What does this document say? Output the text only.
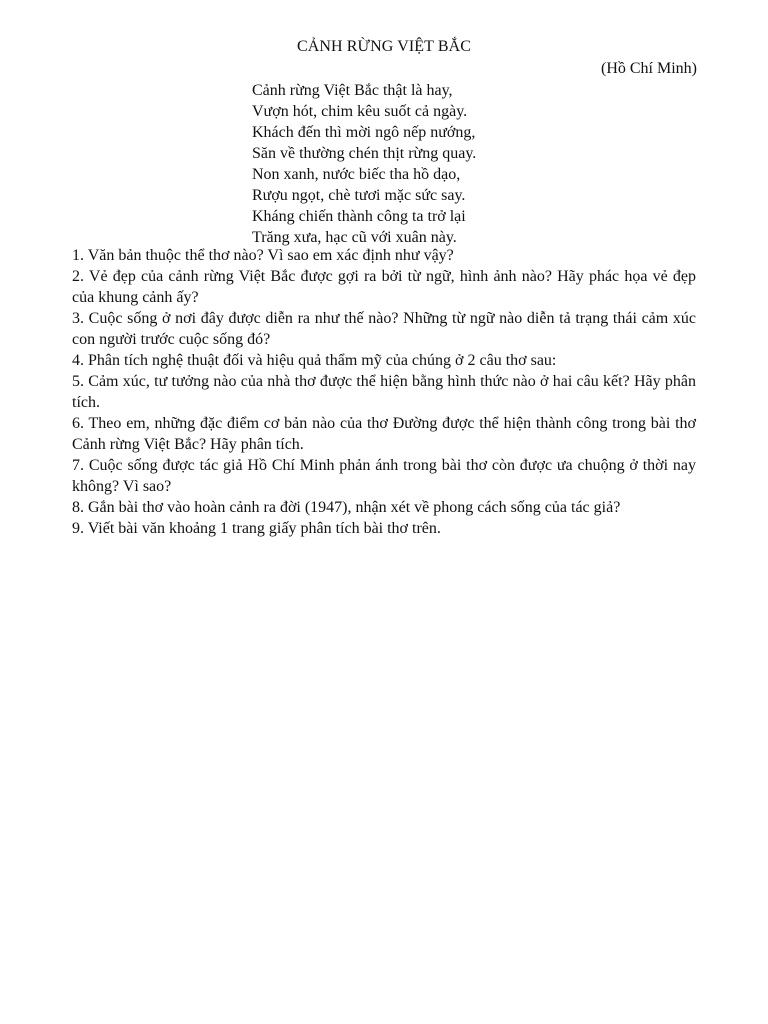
CẢNH RỪNG VIỆT BẮC
(Hồ Chí Minh)
Cảnh rừng Việt Bắc thật là hay,
Vượn hót, chim kêu suốt cả ngày.
Khách đến thì mời ngô nếp nướng,
Săn về thường chén thịt rừng quay.
Non xanh, nước biếc tha hồ dạo,
Rượu ngọt, chè tươi mặc sức say.
Kháng chiến thành công ta trở lại
Trăng xưa, hạc cũ với xuân này.
1. Văn bản thuộc thể thơ nào? Vì sao em xác định như vậy?
2. Vẻ đẹp của cảnh rừng Việt Bắc được gợi ra bởi từ ngữ, hình ảnh nào? Hãy phác họa vẻ đẹp của khung cảnh ấy?
3. Cuộc sống ở nơi đây được diễn ra như thế nào? Những từ ngữ nào diễn tả trạng thái cảm xúc con người trước cuộc sống đó?
4. Phân tích nghệ thuật đối và hiệu quả thẩm mỹ của chúng ở 2 câu thơ sau:
5. Cảm xúc, tư tưởng nào của nhà thơ được thể hiện bằng hình thức nào ở hai câu kết? Hãy phân tích.
6. Theo em, những đặc điểm cơ bản nào của thơ Đường được thể hiện thành công trong bài thơ Cảnh rừng Việt Bắc? Hãy phân tích.
7. Cuộc sống được tác giả Hồ Chí Minh phản ánh trong bài thơ còn được ưa chuộng ở thời nay không? Vì sao?
8. Gắn bài thơ vào hoàn cảnh ra đời (1947), nhận xét về phong cách sống của tác giả?
9. Viết bài văn khoảng 1 trang giấy phân tích bài thơ trên.
